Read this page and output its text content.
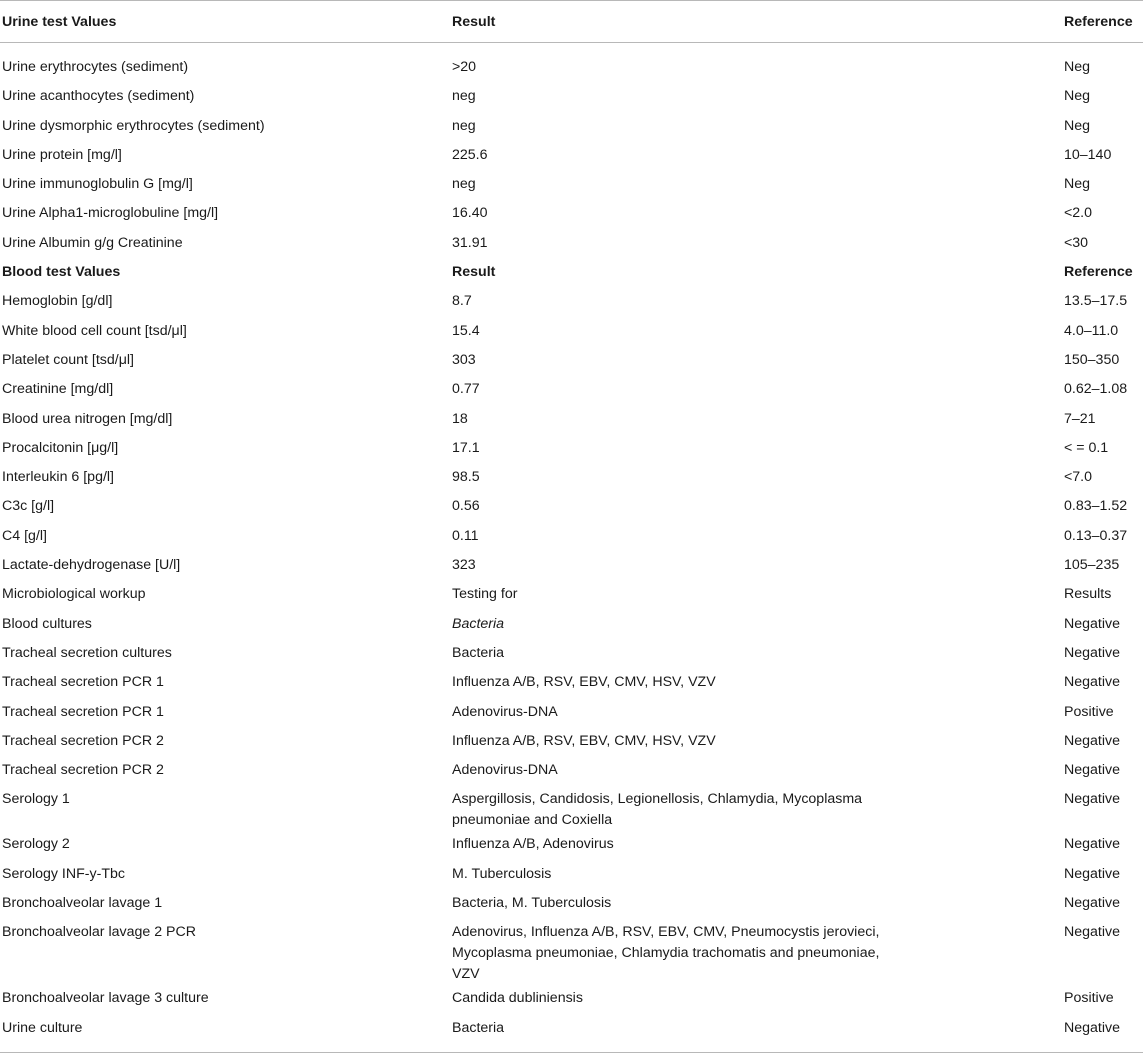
Urine test Values	Result	Reference
Urine erythrocytes (sediment)	>20	Neg
Urine acanthocytes (sediment)	neg	Neg
Urine dysmorphic erythrocytes (sediment)	neg	Neg
Urine protein [mg/l]	225.6	10–140
Urine immunoglobulin G [mg/l]	neg	Neg
Urine Alpha1-microglobuline [mg/l]	16.40	<2.0
Urine Albumin g/g Creatinine	31.91	<30
Blood test Values	Result	Reference
Hemoglobin [g/dl]	8.7	13.5–17.5
White blood cell count [tsd/μl]	15.4	4.0–11.0
Platelet count [tsd/μl]	303	150–350
Creatinine [mg/dl]	0.77	0.62–1.08
Blood urea nitrogen [mg/dl]	18	7–21
Procalcitonin [μg/l]	17.1	< = 0.1
Interleukin 6 [pg/l]	98.5	<7.0
C3c [g/l]	0.56	0.83–1.52
C4 [g/l]	0.11	0.13–0.37
Lactate-dehydrogenase [U/l]	323	105–235
Microbiological workup	Testing for	Results
Blood cultures	Bacteria	Negative
Tracheal secretion cultures	Bacteria	Negative
Tracheal secretion PCR 1	Influenza A/B, RSV, EBV, CMV, HSV, VZV	Negative
Tracheal secretion PCR 1	Adenovirus-DNA	Positive
Tracheal secretion PCR 2	Influenza A/B, RSV, EBV, CMV, HSV, VZV	Negative
Tracheal secretion PCR 2	Adenovirus-DNA	Negative
Serology 1	Aspergillosis, Candidosis, Legionellosis, Chlamydia, Mycoplasma pneumoniae and Coxiella	Negative
Serology 2	Influenza A/B, Adenovirus	Negative
Serology INF-y-Tbc	M. Tuberculosis	Negative
Bronchoalveolar lavage 1	Bacteria, M. Tuberculosis	Negative
Bronchoalveolar lavage 2 PCR	Adenovirus, Influenza A/B, RSV, EBV, CMV, Pneumocystis jerovieci, Mycoplasma pneumoniae, Chlamydia trachomatis and pneumoniae, VZV	Negative
Bronchoalveolar lavage 3 culture	Candida dubliniensis	Positive
Urine culture	Bacteria	Negative
